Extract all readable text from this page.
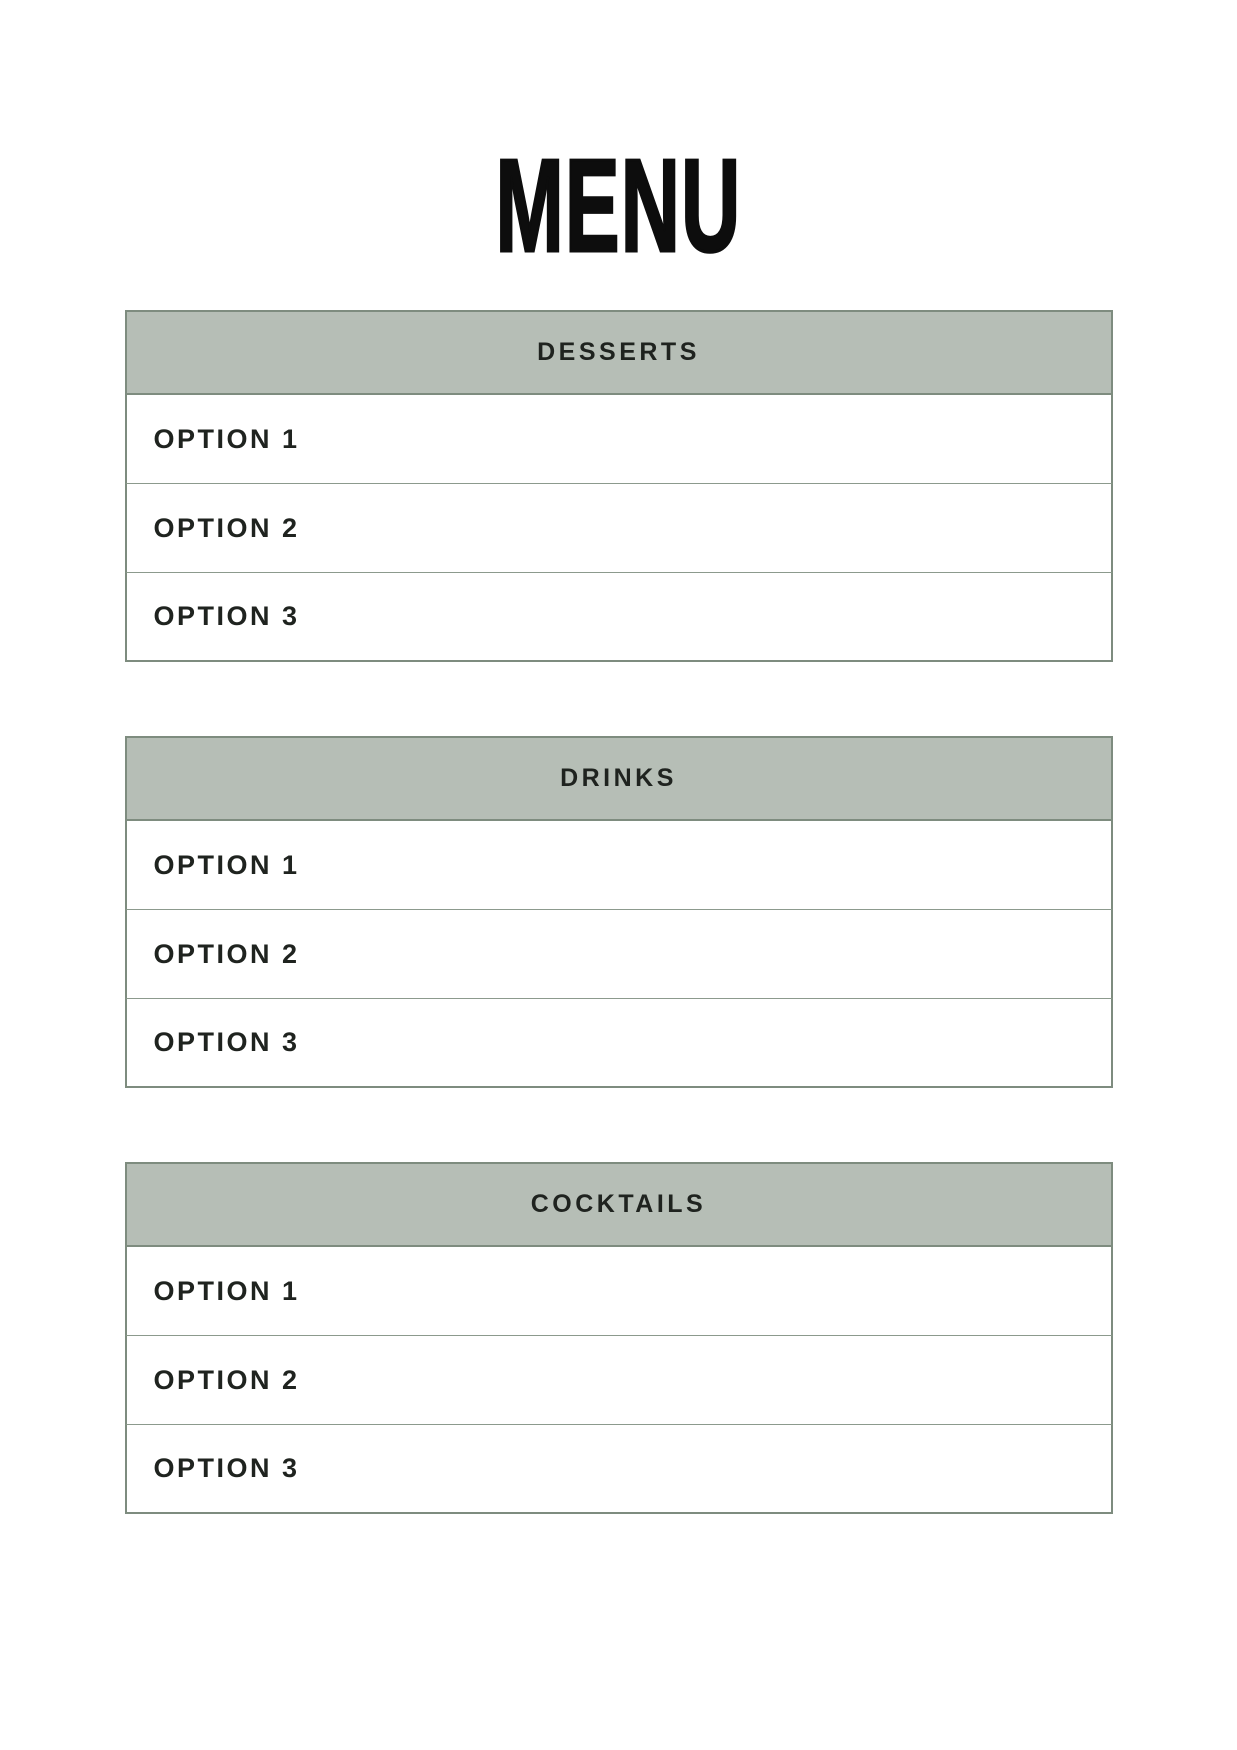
MENU
DESSERTS
OPTION 1
OPTION 2
OPTION 3
DRINKS
OPTION 1
OPTION 2
OPTION 3
COCKTAILS
OPTION 1
OPTION 2
OPTION 3
